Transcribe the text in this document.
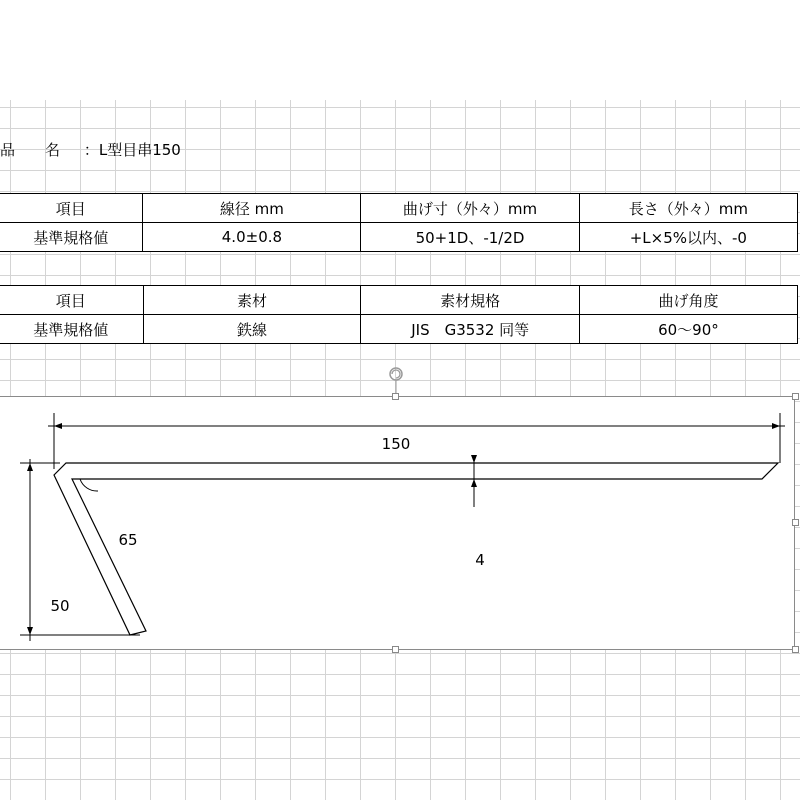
品　　名 ：L型目串150
項目	線径 mm	曲げ寸（外々）mm	長さ（外々）mm
基準規格値	4.0±0.8	50+1D、-1/2D	+L×5%以内、-0
項目	素材	素材規格	曲げ角度
基準規格値	鉄線	JIS　G3532 同等	60～90°
150
4
50
65
